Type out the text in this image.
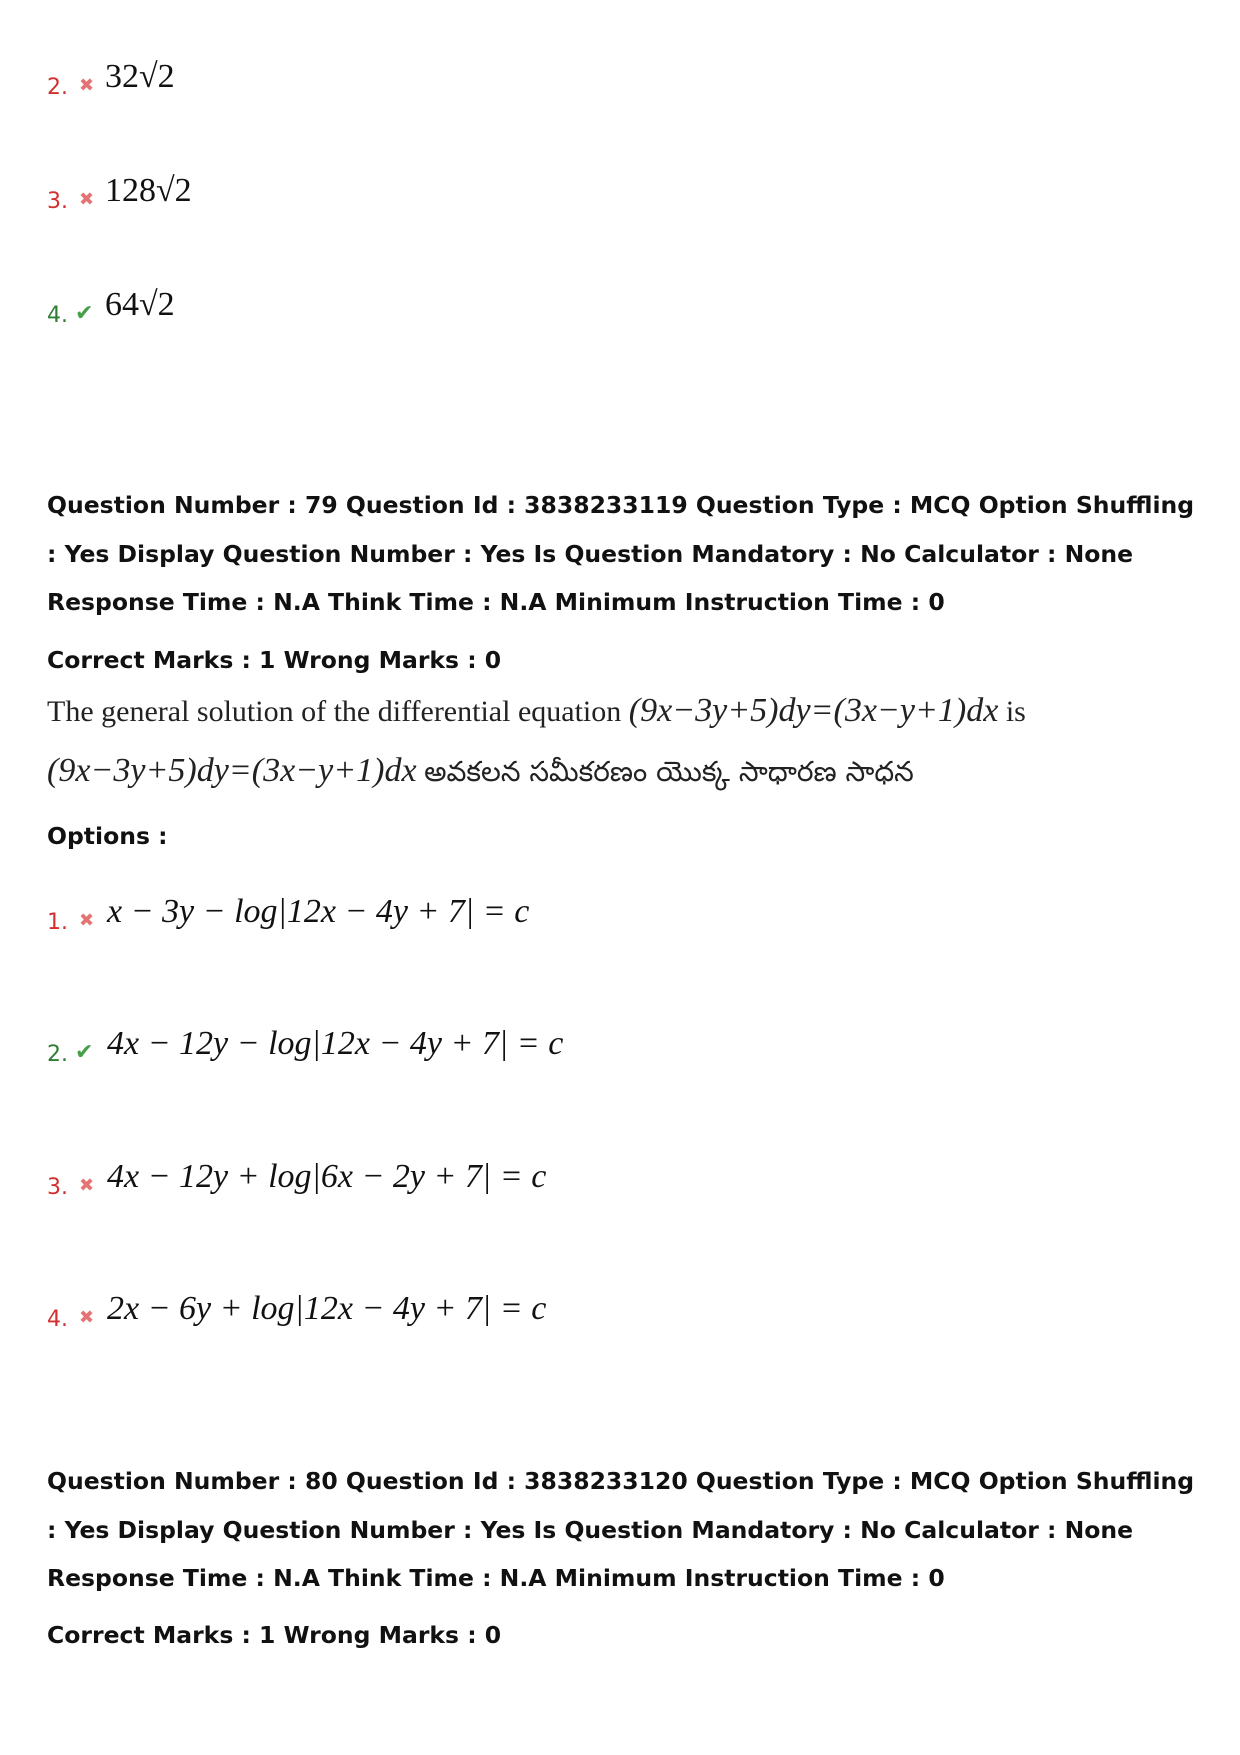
2. ✖ 32√2
3. ✖ 128√2
4. ✔ 64√2
Question Number : 79 Question Id : 3838233119 Question Type : MCQ Option Shuffling : Yes Display Question Number : Yes Is Question Mandatory : No Calculator : None Response Time : N.A Think Time : N.A Minimum Instruction Time : 0
Correct Marks : 1 Wrong Marks : 0
The general solution of the differential equation (9x−3y+5)dy=(3x−y+1)dx is
(9x−3y+5)dy=(3x−y+1)dx అవకలన సమీకరణం యొక్క సాధారణ సాధన
Options :
1. ✖ x − 3y − log|12x − 4y + 7| = c
2. ✔ 4x − 12y − log|12x − 4y + 7| = c
3. ✖ 4x − 12y + log|6x − 2y + 7| = c
4. ✖ 2x − 6y + log|12x − 4y + 7| = c
Question Number : 80 Question Id : 3838233120 Question Type : MCQ Option Shuffling : Yes Display Question Number : Yes Is Question Mandatory : No Calculator : None Response Time : N.A Think Time : N.A Minimum Instruction Time : 0
Correct Marks : 1 Wrong Marks : 0
